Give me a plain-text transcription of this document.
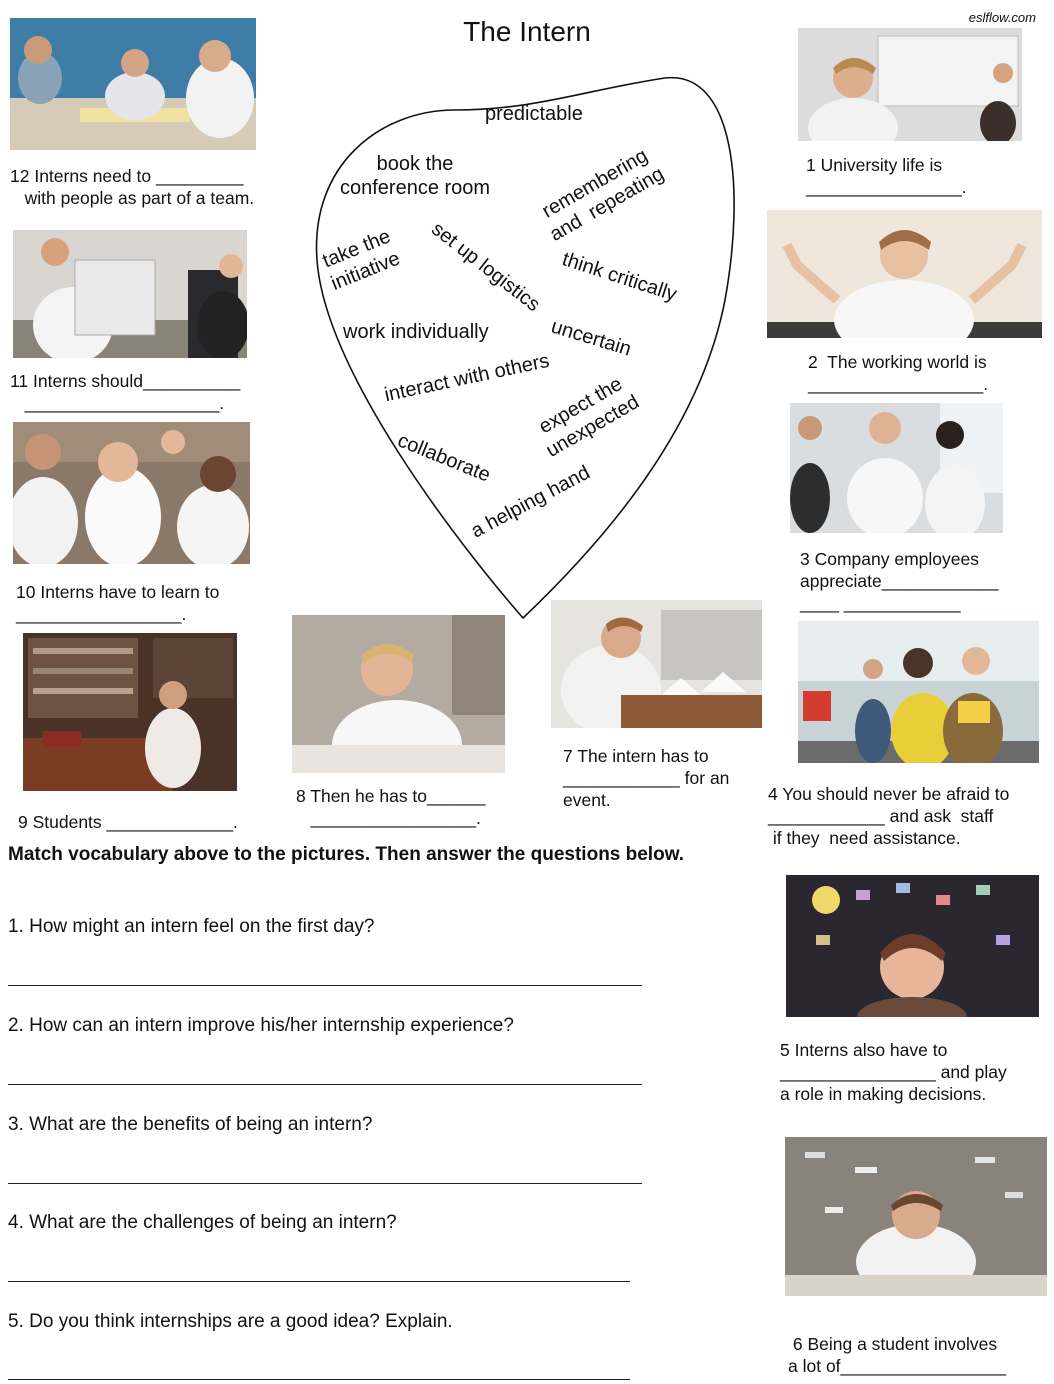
The Intern	eslflow.com
predictable
book the
conference room remembering
and  repeating
take the
initiative set up logistics think critically
work individually	uncertain
interact with others
expect the
unexpected
collaborate
a helping hand
12 Interns need to _________
with people as part of a team.
11 Interns should__________
____________________.
10 Interns have to learn to
_________________.
9 Students _____________.
8 Then he has to______
_________________.
7 The intern has to
____________ for an
event.
1 University life is
________________.
2  The working world is
__________________.
3 Company employees
appreciate____________
____ ____________
4 You should never be afraid to
____________ and ask  staff
if they  need assistance.
5 Interns also have to
________________ and play
a role in making decisions.
6 Being a student involves
a lot of_________________
Match vocabulary above to the pictures. Then answer the questions below.
1. How might an intern feel on the first day?
2. How can an intern improve his/her internship experience?
3. What are the benefits of being an intern?
4. What are the challenges of being an intern?
5. Do you think internships are a good idea? Explain.
